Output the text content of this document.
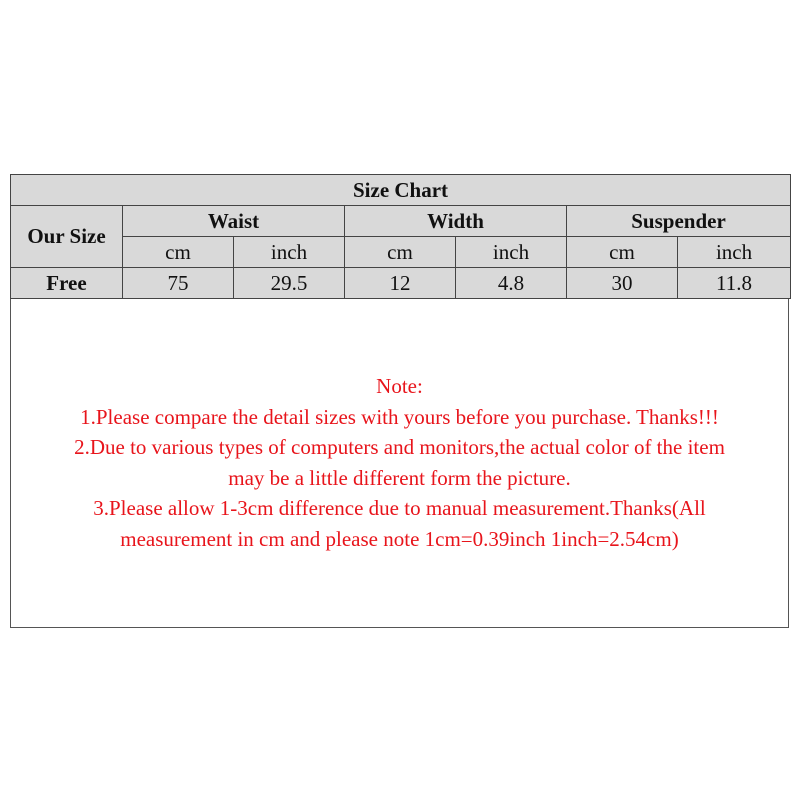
Size Chart						
Our Size	Waist		Width		Suspender	
	cm	inch	cm	inch	cm	inch
Free	75	29.5	12	4.8	30	11.8
Note:
1.Please compare the detail sizes with yours before you purchase. Thanks!!!
2.Due to various types of computers and monitors,the actual color of the item
may be a little different form the picture.
3.Please allow 1-3cm difference due to manual measurement.Thanks(All
measurement in cm and please note 1cm=0.39inch 1inch=2.54cm)
